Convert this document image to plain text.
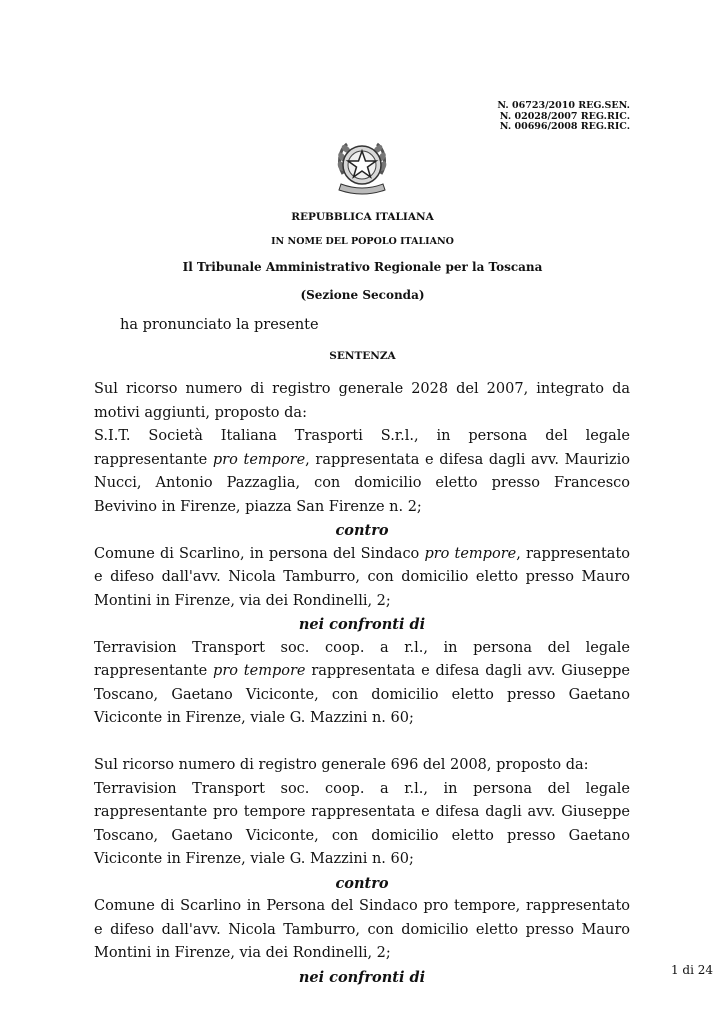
N. 06723/2010 REG.SEN.
N. 02028/2007 REG.RIC.
N. 00696/2008 REG.RIC.
REPUBBLICA ITALIANA
IN NOME DEL POPOLO ITALIANO
Il Tribunale Amministrativo Regionale per la Toscana
(Sezione Seconda)
ha pronunciato la presente
SENTENZA

Sul ricorso numero di registro generale 2028 del 2007, integrato da motivi aggiunti, proposto da:

S.I.T. Società Italiana Trasporti S.r.l., in persona del legale rappresentante pro tempore, rappresentata e difesa dagli avv. Maurizio Nucci, Antonio Pazzaglia, con domicilio eletto presso Francesco Bevivino in Firenze, piazza San Firenze n. 2;

contro

Comune di Scarlino, in persona del Sindaco pro tempore, rappresentato e difeso dall'avv. Nicola Tamburro, con domicilio eletto presso Mauro Montini in Firenze, via dei Rondinelli, 2;

nei confronti di

Terravision Transport soc. coop. a r.l., in persona del legale rappresentante pro tempore rappresentata e difesa dagli avv. Giuseppe Toscano, Gaetano Viciconte, con domicilio eletto presso Gaetano Viciconte in Firenze, viale G. Mazzini n. 60;

Sul ricorso numero di registro generale 696 del 2008, proposto da:

Terravision Transport soc. coop. a r.l., in persona del legale rappresentante pro tempore rappresentata e difesa dagli avv. Giuseppe Toscano, Gaetano Viciconte, con domicilio eletto presso Gaetano Viciconte in Firenze, viale G. Mazzini n. 60;

contro

Comune di Scarlino in Persona del Sindaco pro tempore, rappresentato e difeso dall'avv. Nicola Tamburro, con domicilio eletto presso Mauro Montini in Firenze, via dei Rondinelli, 2;

nei confronti di	1 di 24
